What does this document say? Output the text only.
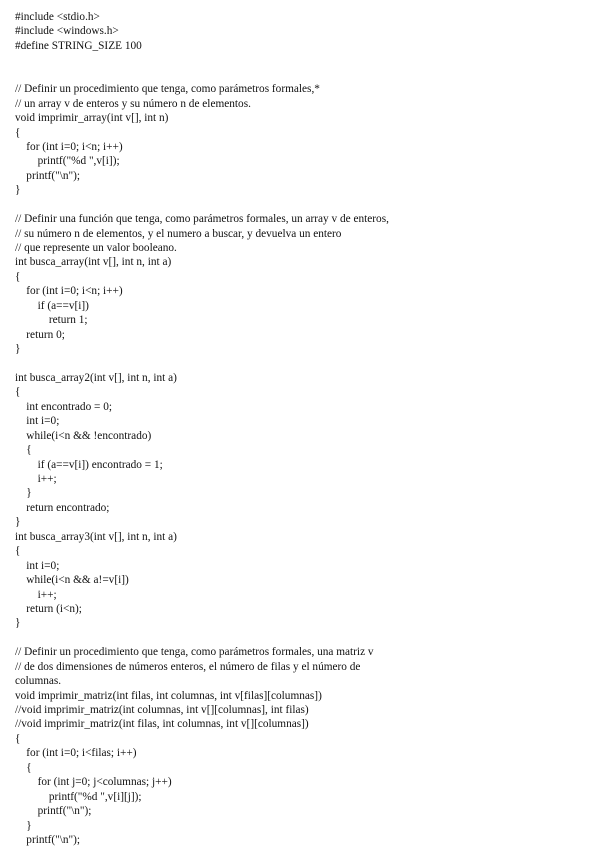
#include <stdio.h>
#include <windows.h>
#define STRING_SIZE 100
// Definir un procedimiento que tenga, como parámetros formales,*
// un array v de enteros y su número n de elementos.
void imprimir_array(int v[], int n)
{
for (int i=0; i<n; i++)
printf("%d ",v[i]);
printf("\n");
}
// Definir una función que tenga, como parámetros formales, un array v de enteros,
// su número n de elementos, y el numero a buscar, y devuelva un entero
// que represente un valor booleano.
int busca_array(int v[], int n, int a)
{
for (int i=0; i<n; i++)
if (a==v[i])
return 1;
return 0;
}
int busca_array2(int v[], int n, int a)
{
int encontrado = 0;
int i=0;
while(i<n && !encontrado)
{
if (a==v[i]) encontrado = 1;
i++;
}
return encontrado;
}
int busca_array3(int v[], int n, int a)
{
int i=0;
while(i<n && a!=v[i])
i++;
return (i<n);
}
// Definir un procedimiento que tenga, como parámetros formales, una matriz v
// de dos dimensiones de números enteros, el número de filas y el número de
columnas.
void imprimir_matriz(int filas, int columnas, int v[filas][columnas])
//void imprimir_matriz(int columnas, int v[][columnas], int filas)
//void imprimir_matriz(int filas, int columnas, int v[][columnas])
{
for (int i=0; i<filas; i++)
{
for (int j=0; j<columnas; j++)
printf("%d ",v[i][j]);
printf("\n");
}
printf("\n");
